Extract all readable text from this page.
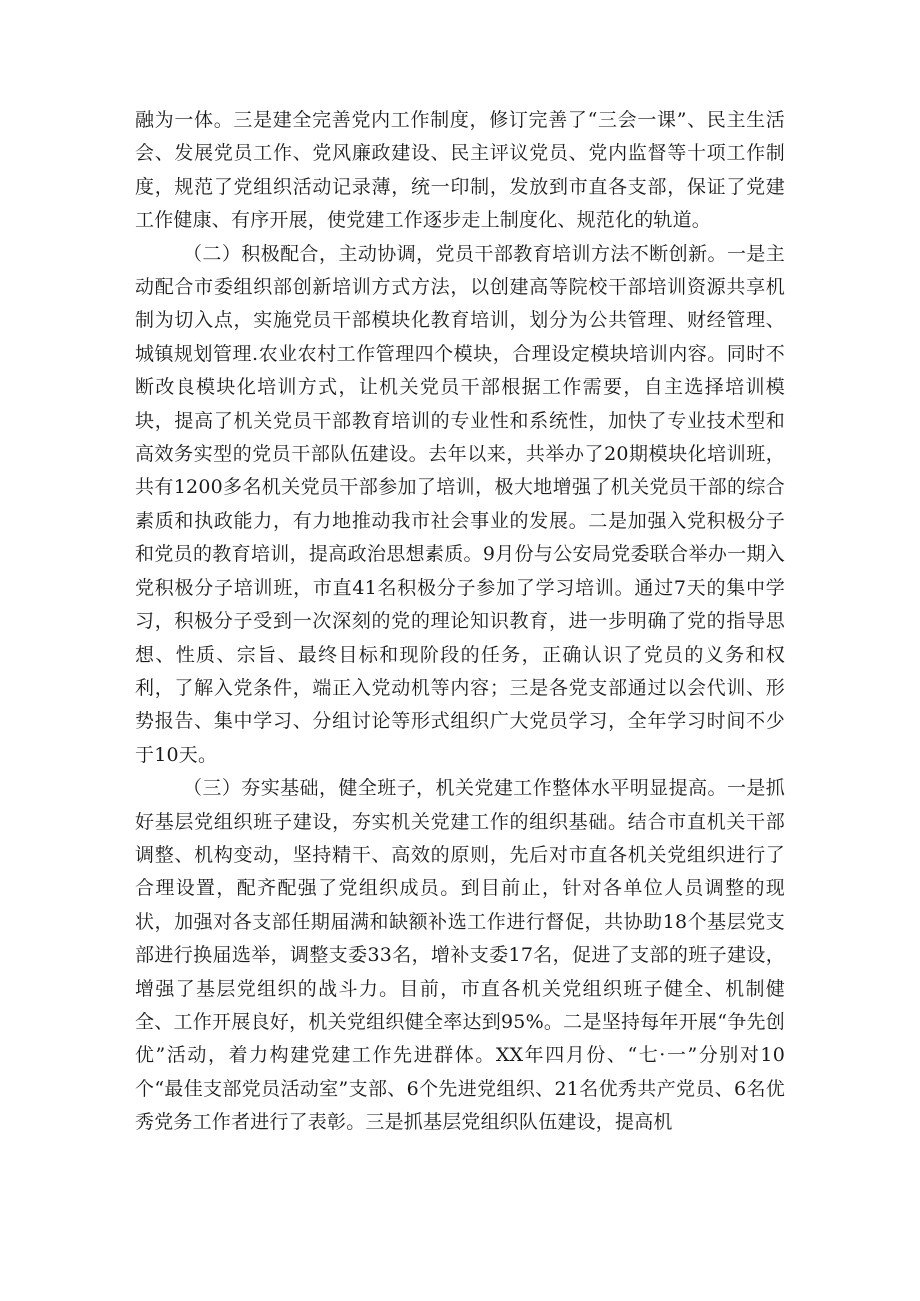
融为一体。三是建全完善党内工作制度，修订完善了“三会一课”、民主生活会、发展党员工作、党风廉政建设、民主评议党员、党内监督等十项工作制度，规范了党组织活动记录薄，统一印制，发放到市直各支部，保证了党建工作健康、有序开展，使党建工作逐步走上制度化、规范化的轨道。

（二）积极配合，主动协调，党员干部教育培训方法不断创新。一是主动配合市委组织部创新培训方式方法，以创建高等院校干部培训资源共享机制为切入点，实施党员干部模块化教育培训，划分为公共管理、财经管理、城镇规划管理.农业农村工作管理四个模块，合理设定模块培训内容。同时不断改良模块化培训方式，让机关党员干部根据工作需要，自主选择培训模块，提高了机关党员干部教育培训的专业性和系统性，加快了专业技术型和高效务实型的党员干部队伍建设。去年以来，共举办了20期模块化培训班，共有1200多名机关党员干部参加了培训，极大地增强了机关党员干部的综合素质和执政能力，有力地推动我市社会事业的发展。二是加强入党积极分子和党员的教育培训，提高政治思想素质。9月份与公安局党委联合举办一期入党积极分子培训班，市直41名积极分子参加了学习培训。通过7天的集中学习，积极分子受到一次深刻的党的理论知识教育，进一步明确了党的指导思想、性质、宗旨、最终目标和现阶段的任务，正确认识了党员的义务和权利，了解入党条件，端正入党动机等内容；三是各党支部通过以会代训、形势报告、集中学习、分组讨论等形式组织广大党员学习，全年学习时间不少于10天。

（三）夯实基础，健全班子，机关党建工作整体水平明显提高。一是抓好基层党组织班子建设，夯实机关党建工作的组织基础。结合市直机关干部调整、机构变动，坚持精干、高效的原则，先后对市直各机关党组织进行了合理设置，配齐配强了党组织成员。到目前止，针对各单位人员调整的现状，加强对各支部任期届满和缺额补选工作进行督促，共协助18个基层党支部进行换届选举，调整支委33名，增补支委17名，促进了支部的班子建设，增强了基层党组织的战斗力。目前，市直各机关党组织班子健全、机制健全、工作开展良好，机关党组织健全率达到95%。二是坚持每年开展“争先创优”活动，着力构建党建工作先进群体。XX年四月份、“七·一”分别对10个“最佳支部党员活动室”支部、6个先进党组织、21名优秀共产党员、6名优秀党务工作者进行了表彰。三是抓基层党组织队伍建设，提高机
